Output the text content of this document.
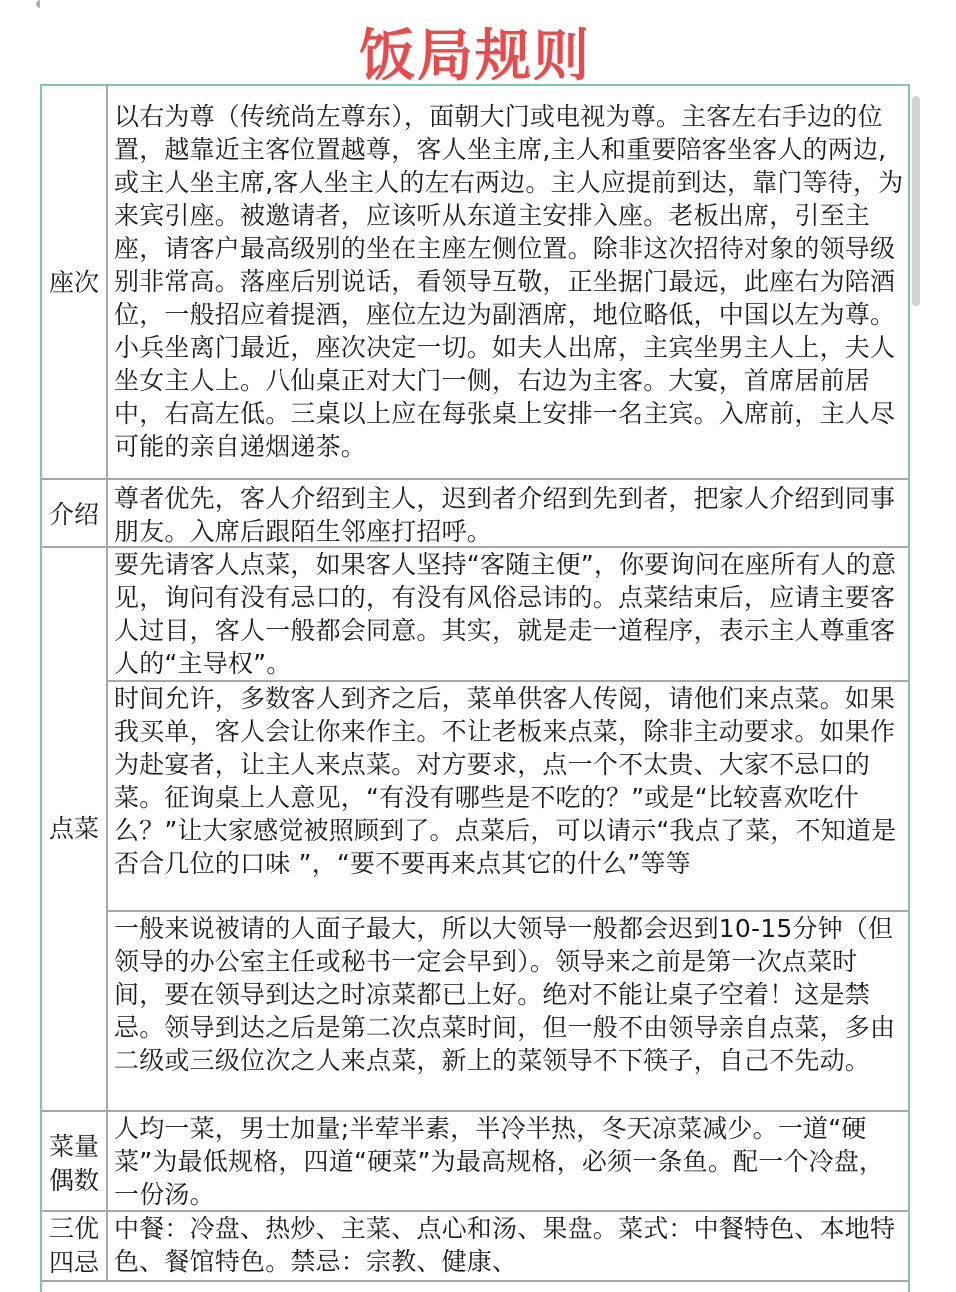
饭局规则
座次
以右为尊（传统尚左尊东），面朝大门或电视为尊。主客左右手边的位置，越靠近主客位置越尊，客人坐主席,主人和重要陪客坐客人的两边,或主人坐主席,客人坐主人的左右两边。主人应提前到达，靠门等待，为来宾引座。被邀请者，应该听从东道主安排入座。老板出席，引至主座，请客户最高级别的坐在主座左侧位置。除非这次招待对象的领导级别非常高。落座后别说话，看领导互敬，正坐据门最远，此座右为陪酒位，一般招应着提酒，座位左边为副酒席，地位略低，中国以左为尊。小兵坐离门最近，座次决定一切。如夫人出席，主宾坐男主人上，夫人坐女主人上。八仙桌正对大门一侧，右边为主客。大宴，首席居前居中，右高左低。三桌以上应在每张桌上安排一名主宾。入席前，主人尽可能的亲自递烟递茶。
介绍
尊者优先，客人介绍到主人，迟到者介绍到先到者，把家人介绍到同事朋友。入席后跟陌生邻座打招呼。
点菜
要先请客人点菜，如果客人坚持“客随主便”，你要询问在座所有人的意见，询问有没有忌口的，有没有风俗忌讳的。点菜结束后，应请主要客人过目，客人一般都会同意。其实，就是走一道程序，表示主人尊重客人的“主导权”。
时间允许，多数客人到齐之后，菜单供客人传阅，请他们来点菜。如果我买单，客人会让你来作主。不让老板来点菜，除非主动要求。如果作为赴宴者，让主人来点菜。对方要求，点一个不太贵、大家不忌口的菜。征询桌上人意见，“有没有哪些是不吃的？”或是“比较喜欢吃什么？”让大家感觉被照顾到了。点菜后，可以请示“我点了菜，不知道是否合几位的口味 ”，“要不要再来点其它的什么”等等
一般来说被请的人面子最大，所以大领导一般都会迟到10-15分钟（但领导的办公室主任或秘书一定会早到）。领导来之前是第一次点菜时间，要在领导到达之时凉菜都已上好。绝对不能让桌子空着！这是禁忌。领导到达之后是第二次点菜时间，但一般不由领导亲自点菜，多由二级或三级位次之人来点菜，新上的菜领导不下筷子，自己不先动。
菜量
偶数
人均一菜，男士加量;半荤半素，半冷半热，冬天凉菜减少。一道“硬菜”为最低规格，四道“硬菜”为最高规格，必须一条鱼。配一个冷盘，一份汤。
三优
四忌
中餐：冷盘、热炒、主菜、点心和汤、果盘。菜式：中餐特色、本地特色、餐馆特色。禁忌：宗教、健康、
